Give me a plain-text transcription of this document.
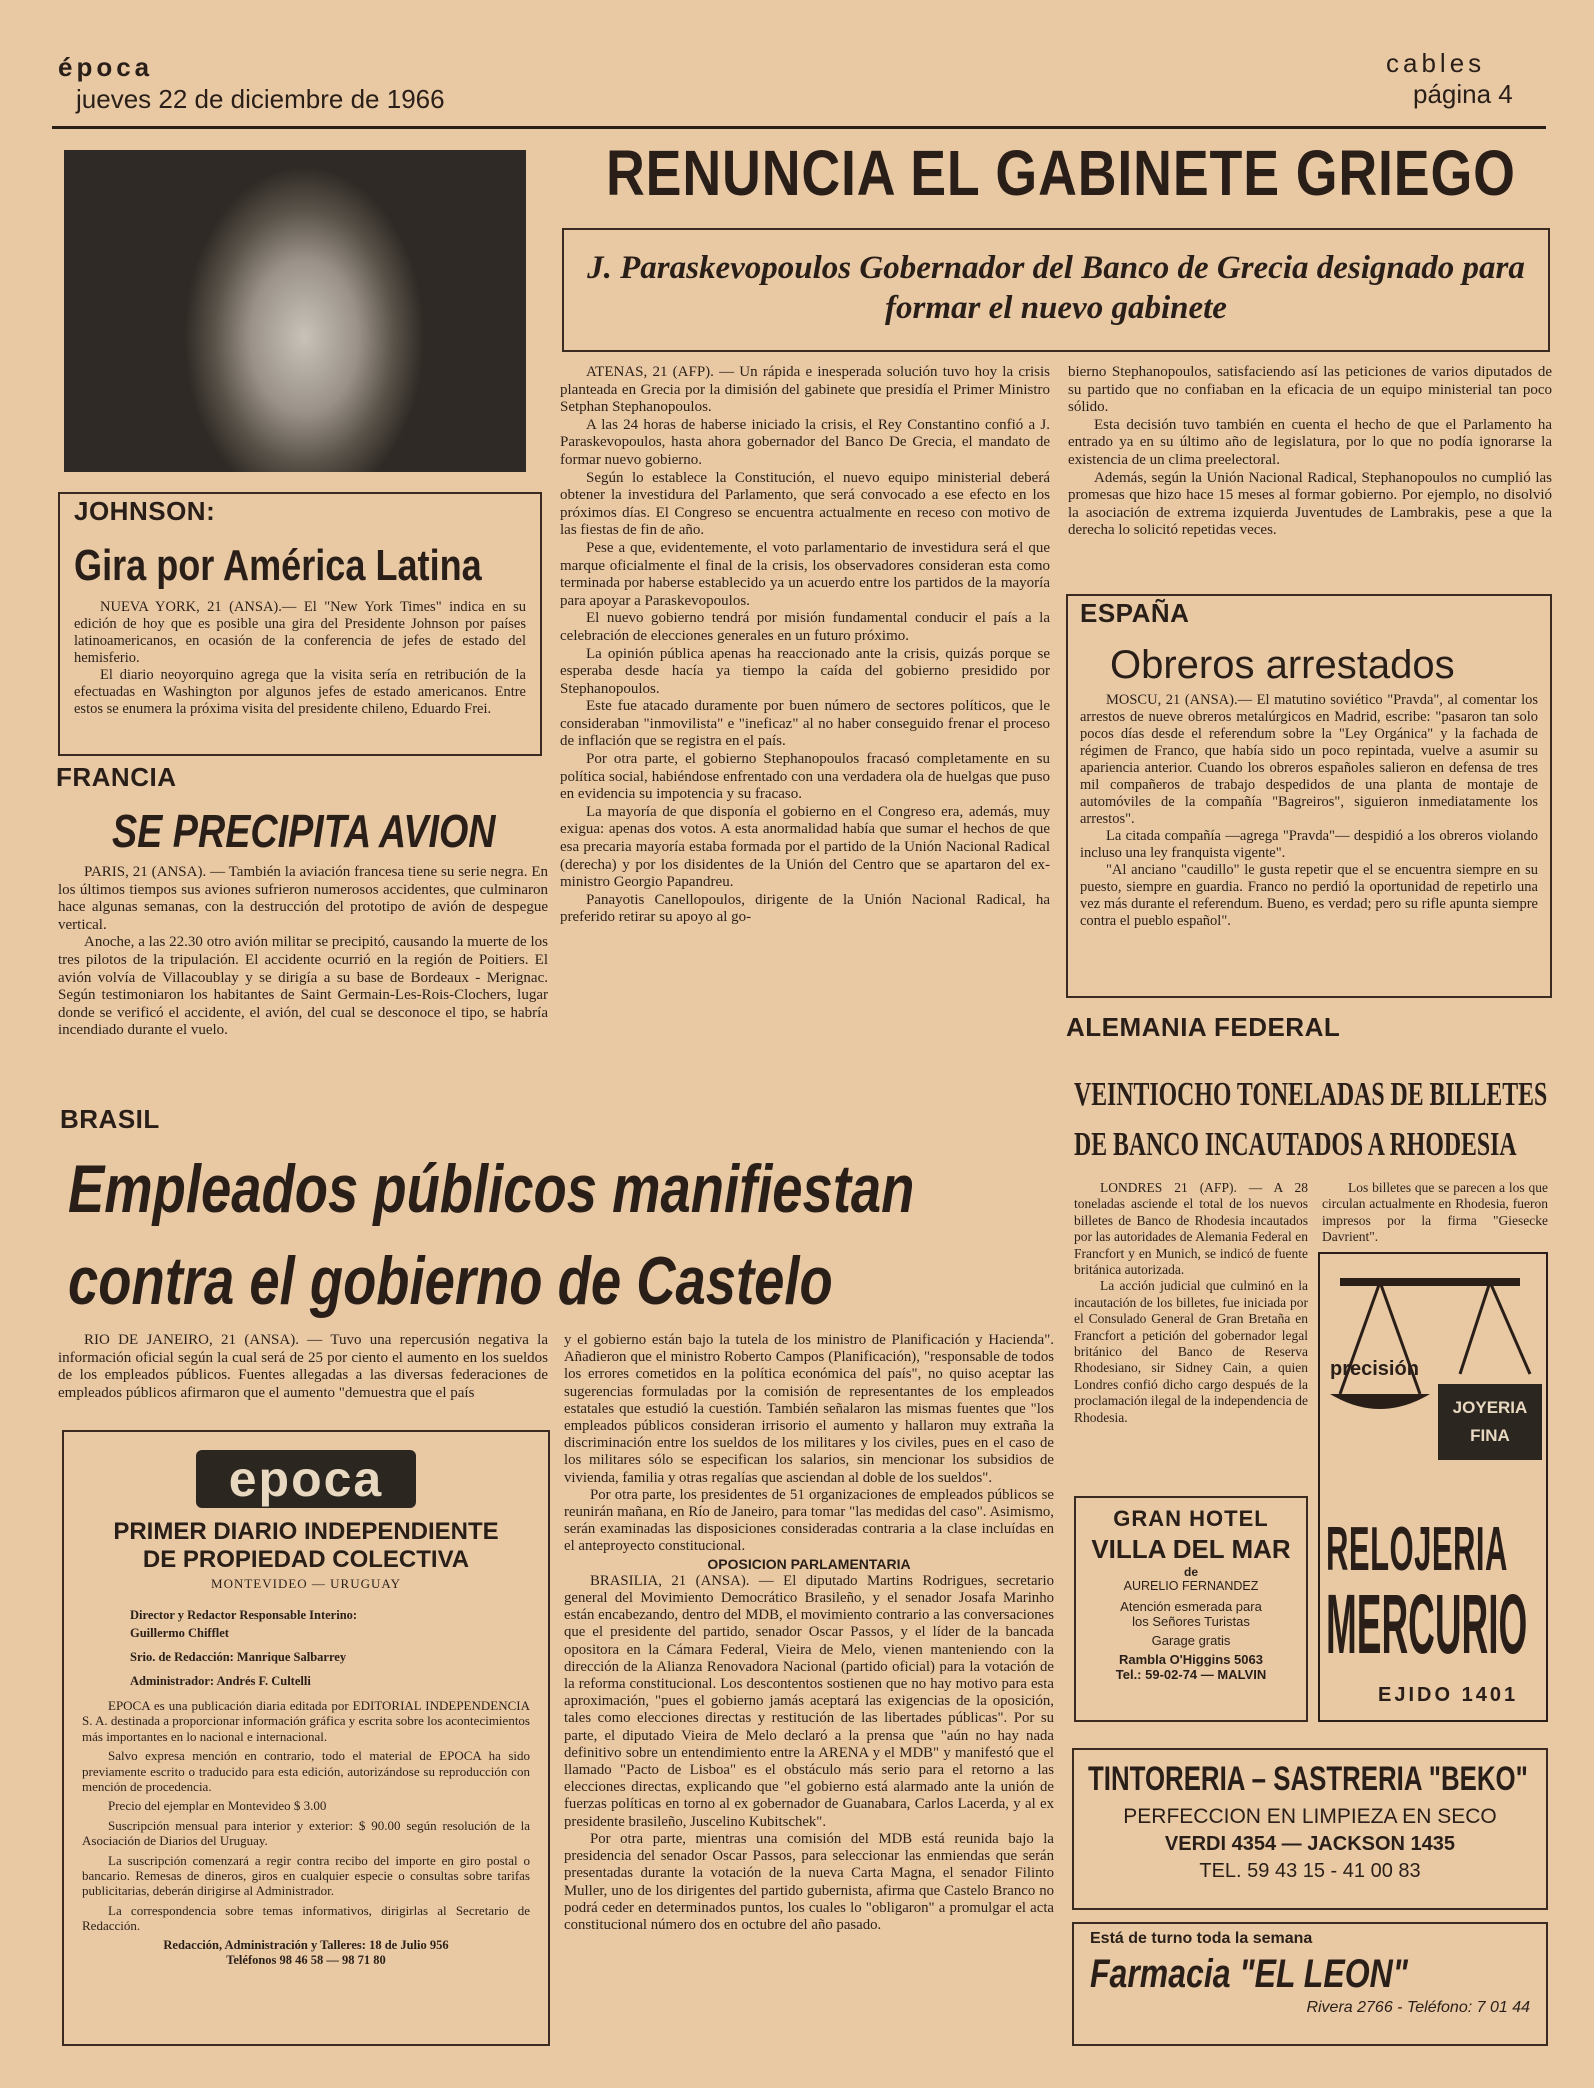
época
jueves 22 de diciembre de 1966
cables
página 4
RENUNCIA EL GABINETE GRIEGO
J. Paraskevopoulos Gobernador del Banco de Grecia designado para formar el nuevo gabinete

ATENAS, 21 (AFP). — Un rápida e inesperada solución tuvo hoy la crisis planteada en Grecia por la dimisión del gabinete que presidía el Primer Ministro Setphan Stephanopoulos.

A las 24 horas de haberse iniciado la crisis, el Rey Constantino confió a J. Paraskevopoulos, hasta ahora gobernador del Banco De Grecia, el mandato de formar nuevo gobierno.

Según lo establece la Constitución, el nuevo equipo ministerial deberá obtener la investidura del Parlamento, que será convocado a ese efecto en los próximos días. El Congreso se encuentra actualmente en receso con motivo de las fiestas de fin de año.

Pese a que, evidentemente, el voto parlamentario de investidura será el que marque oficialmente el final de la crisis, los observadores consideran esta como terminada por haberse establecido ya un acuerdo entre los partidos de la mayoría para apoyar a Paraskevopoulos.

El nuevo gobierno tendrá por misión fundamental conducir el país a la celebración de elecciones generales en un futuro próximo.

La opinión pública apenas ha reaccionado ante la crisis, quizás porque se esperaba desde hacía ya tiempo la caída del gobierno presidido por Stephanopoulos.

Este fue atacado duramente por buen número de sectores políticos, que le consideraban "inmovilista" e "ineficaz" al no haber conseguido frenar el proceso de inflación que se registra en el país.

Por otra parte, el gobierno Stephanopoulos fracasó completamente en su política social, habiéndose enfrentado con una verdadera ola de huelgas que puso en evidencia su impotencia y su fracaso.

La mayoría de que disponía el gobierno en el Congreso era, además, muy exigua: apenas dos votos. A esta anormalidad había que sumar el hechos de que esa precaria mayoría estaba formada por el partido de la Unión Nacional Radical (derecha) y por los disidentes de la Unión del Centro que se apartaron del ex-ministro Georgio Papandreu.

Panayotis Canellopoulos, dirigente de la Unión Nacional Radical, ha preferido retirar su apoyo al go-

bierno Stephanopoulos, satisfaciendo así las peticiones de varios diputados de su partido que no confiaban en la eficacia de un equipo ministerial tan poco sólido.

Esta decisión tuvo también en cuenta el hecho de que el Parlamento ha entrado ya en su último año de legislatura, por lo que no podía ignorarse la existencia de un clima preelectoral.

Además, según la Unión Nacional Radical, Stephanopoulos no cumplió las promesas que hizo hace 15 meses al formar gobierno. Por ejemplo, no disolvió la asociación de extrema izquierda Juventudes de Lambrakis, pese a que la derecha lo solicitó repetidas veces.

JOHNSON:
Gira por América Latina

NUEVA YORK, 21 (ANSA).— El "New York Times" indica en su edición de hoy que es posible una gira del Presidente Johnson por países latinoamericanos, en ocasión de la conferencia de jefes de estado del hemisferio.

El diario neoyorquino agrega que la visita sería en retribución de la efectuadas en Washington por algunos jefes de estado americanos. Entre estos se enumera la próxima visita del presidente chileno, Eduardo Frei.

FRANCIA
SE PRECIPITA AVION

PARIS, 21 (ANSA). — También la aviación francesa tiene su serie negra. En los últimos tiempos sus aviones sufrieron numerosos accidentes, que culminaron hace algunas semanas, con la destrucción del prototipo de avión de despegue vertical.

Anoche, a las 22.30 otro avión militar se precipitó, causando la muerte de los tres pilotos de la tripulación. El accidente ocurrió en la región de Poitiers. El avión volvía de Villacoublay y se dirigía a su base de Bordeaux - Merignac. Según testimoniaron los habitantes de Saint Germain-Les-Rois-Clochers, lugar donde se verificó el accidente, el avión, del cual se desconoce el tipo, se habría incendiado durante el vuelo.

ESPAÑA
Obreros arrestados

MOSCU, 21 (ANSA).— El matutino soviético "Pravda", al comentar los arrestos de nueve obreros metalúrgicos en Madrid, escribe: "pasaron tan solo pocos días desde el referendum sobre la "Ley Orgánica" y la fachada de régimen de Franco, que había sido un poco repintada, vuelve a asumir su apariencia anterior. Cuando los obreros españoles salieron en defensa de tres mil compañeros de trabajo despedidos de una planta de montaje de automóviles de la compañía "Bagreiros", siguieron inmediatamente los arrestos".

La citada compañía —agrega "Pravda"— despidió a los obreros violando incluso una ley franquista vigente".

"Al anciano "caudillo" le gusta repetir que el se encuentra siempre en su puesto, siempre en guardia. Franco no perdió la oportunidad de repetirlo una vez más durante el referendum. Bueno, es verdad; pero su rifle apunta siempre contra el pueblo español".

ALEMANIA FEDERAL
VEINTIOCHO TONELADAS DE BILLETES
DE BANCO INCAUTADOS A RHODESIA

LONDRES 21 (AFP). — A 28 toneladas asciende el total de los nuevos billetes de Banco de Rhodesia incautados por las autoridades de Alemania Federal en Francfort y en Munich, se indicó de fuente británica autorizada.

La acción judicial que culminó en la incautación de los billetes, fue iniciada por el Consulado General de Gran Bretaña en Francfort a petición del gobernador legal británico del Banco de Reserva Rhodesiano, sir Sidney Cain, a quien Londres confió dicho cargo después de la proclamación ilegal de la independencia de Rhodesia.

Los billetes que se parecen a los que circulan actualmente en Rhodesia, fueron impresos por la firma "Giesecke Davrient".

precisión
JOYERIA
FINA
RELOJERIA
MERCURIO
EJIDO 1401
GRAN HOTEL
VILLA DEL MAR
de
AURELIO FERNANDEZ
Atención esmerada para
los Señores Turistas
Garage gratis
Rambla O'Higgins 5063
Tel.: 59-02-74 — MALVIN
TINTORERIA – SASTRERIA "BEKO"
PERFECCION EN LIMPIEZA EN SECO
VERDI 4354 — JACKSON 1435
TEL. 59 43 15 - 41 00 83
Está de turno toda la semana
Farmacia "EL LEON"
Rivera 2766 - Teléfono: 7 01 44
BRASIL
Empleados públicos manifiestan
contra el gobierno de Castelo

RIO DE JANEIRO, 21 (ANSA). — Tuvo una repercusión negativa la información oficial según la cual será de 25 por ciento el aumento en los sueldos de los empleados públicos. Fuentes allegadas a las diversas federaciones de empleados públicos afirmaron que el aumento "demuestra que el país

y el gobierno están bajo la tutela de los ministro de Planificación y Hacienda". Añadieron que el ministro Roberto Campos (Planificación), "responsable de todos los errores cometidos en la política económica del país", no quiso aceptar las sugerencias formuladas por la comisión de representantes de los empleados estatales que estudió la cuestión. También señalaron las mismas fuentes que "los empleados públicos consideran irrisorio el aumento y hallaron muy extraña la discriminación entre los sueldos de los militares y los civiles, pues en el caso de los militares sólo se especifican los salarios, sin mencionar los subsidios de vivienda, familia y otras regalías que asciendan al doble de los sueldos".

Por otra parte, los presidentes de 51 organizaciones de empleados públicos se reunirán mañana, en Río de Janeiro, para tomar "las medidas del caso". Asimismo, serán examinadas las disposiciones consideradas contraria a la clase incluídas en el anteproyecto constitucional.

OPOSICION PARLAMENTARIA

BRASILIA, 21 (ANSA). — El diputado Martins Rodrigues, secretario general del Movimiento Democrático Brasileño, y el senador Josafa Marinho están encabezando, dentro del MDB, el movimiento contrario a las conversaciones que el presidente del partido, senador Oscar Passos, y el líder de la bancada opositora en la Cámara Federal, Vieira de Melo, vienen manteniendo con la dirección de la Alianza Renovadora Nacional (partido oficial) para la votación de la reforma constitucional. Los descontentos sostienen que no hay motivo para esta aproximación, "pues el gobierno jamás aceptará las exigencias de la oposición, tales como elecciones directas y restitución de las libertades públicas". Por su parte, el diputado Vieira de Melo declaró a la prensa que "aún no hay nada definitivo sobre un entendimiento entre la ARENA y el MDB" y manifestó que el llamado "Pacto de Lisboa" es el obstáculo más serio para el retorno a las elecciones directas, explicando que "el gobierno está alarmado ante la unión de fuerzas políticas en torno al ex gobernador de Guanabara, Carlos Lacerda, y al ex presidente brasileño, Juscelino Kubitschek".

Por otra parte, mientras una comisión del MDB está reunida bajo la presidencia del senador Oscar Passos, para seleccionar las enmiendas que serán presentadas durante la votación de la nueva Carta Magna, el senador Filinto Muller, uno de los dirigentes del partido gubernista, afirma que Castelo Branco no podrá ceder en determinados puntos, los cuales lo "obligaron" a promulgar el acta constitucional número dos en octubre del año pasado.

epoca
PRIMER DIARIO INDEPENDIENTE
DE PROPIEDAD COLECTIVA
MONTEVIDEO — URUGUAY
Director y Redactor Responsable Interino:
Guillermo Chifflet
Srio. de Redacción: Manrique Salbarrey
Administrador: Andrés F. Cultelli

EPOCA es una publicación diaria editada por EDITORIAL INDEPENDENCIA S. A. destinada a proporcionar información gráfica y escrita sobre los acontecimientos más importantes en lo nacional e internacional.

Salvo expresa mención en contrario, todo el material de EPOCA ha sido previamente escrito o traducido para esta edición, autorizándose su reproducción con mención de procedencia.

Precio del ejemplar en Montevideo $ 3.00

Suscripción mensual para interior y exterior: $ 90.00 según resolución de la Asociación de Diarios del Uruguay.

La suscripción comenzará a regir contra recibo del importe en giro postal o bancario. Remesas de dineros, giros en cualquier especie o consultas sobre tarifas publicitarias, deberán dirigirse al Administrador.

La correspondencia sobre temas informativos, dirigirlas al Secretario de Redacción.

Redacción, Administración y Talleres: 18 de Julio 956
Teléfonos 98 46 58 — 98 71 80
